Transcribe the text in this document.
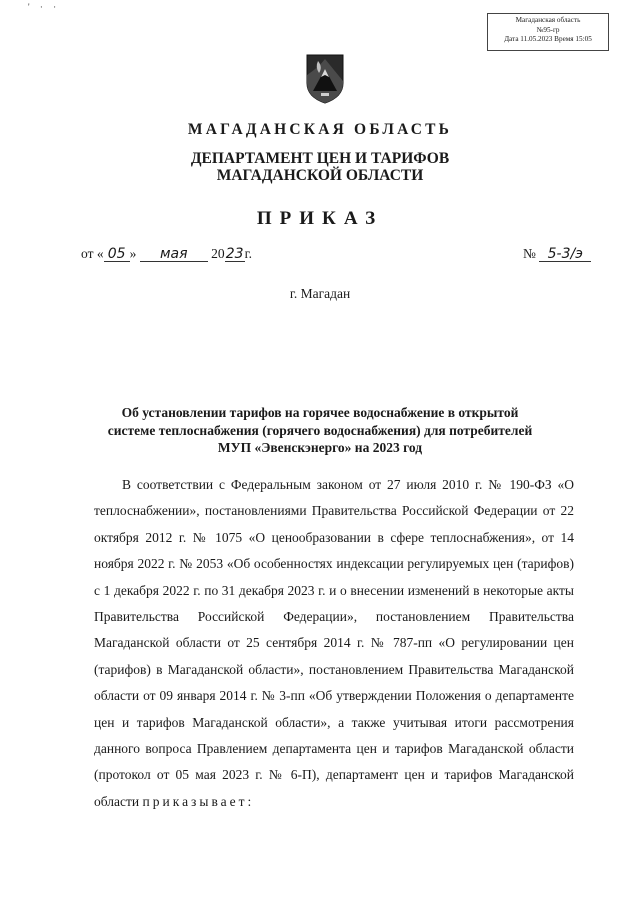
' · ·
Магаданская область
№95-гр
Дата 11.05.2023 Время 15:05
МАГАДАНСКАЯ ОБЛАСТЬ
ДЕПАРТАМЕНТ ЦЕН И ТАРИФОВ
МАГАДАНСКОЙ ОБЛАСТИ
ПРИКАЗ
от « 05 » мая 2023г.	№ 5-3/э
г. Магадан
Об установлении тарифов на горячее водоснабжение в открытой
системе теплоснабжения (горячего водоснабжения) для потребителей
МУП «Эвенскэнерго» на 2023 год

В соответствии с Федеральным законом от 27 июля 2010 г. № 190-ФЗ «О теплоснабжении», постановлениями Правительства Российской Федерации от 22 октября 2012 г. № 1075 «О ценообразовании в сфере теплоснабжения», от 14 ноября 2022 г. № 2053 «Об особенностях индексации регулируемых цен (тарифов) с 1 декабря 2022 г. по 31 декабря 2023 г. и о внесении изменений в некоторые акты Правительства Российской Федерации», постановлением Правительства Магаданской области от 25 сентября 2014 г. № 787-пп «О регулировании цен (тарифов) в Магаданской области», постановлением Правительства Магаданской области от 09 января 2014 г. № 3-пп «Об утверждении Положения о департаменте цен и тарифов Магаданской области», а также учитывая итоги рассмотрения данного вопроса Правлением департамента цен и тарифов Магаданской области (протокол от 05 мая 2023 г. № 6-П), департамент цен и тарифов Магаданской области приказывает:
